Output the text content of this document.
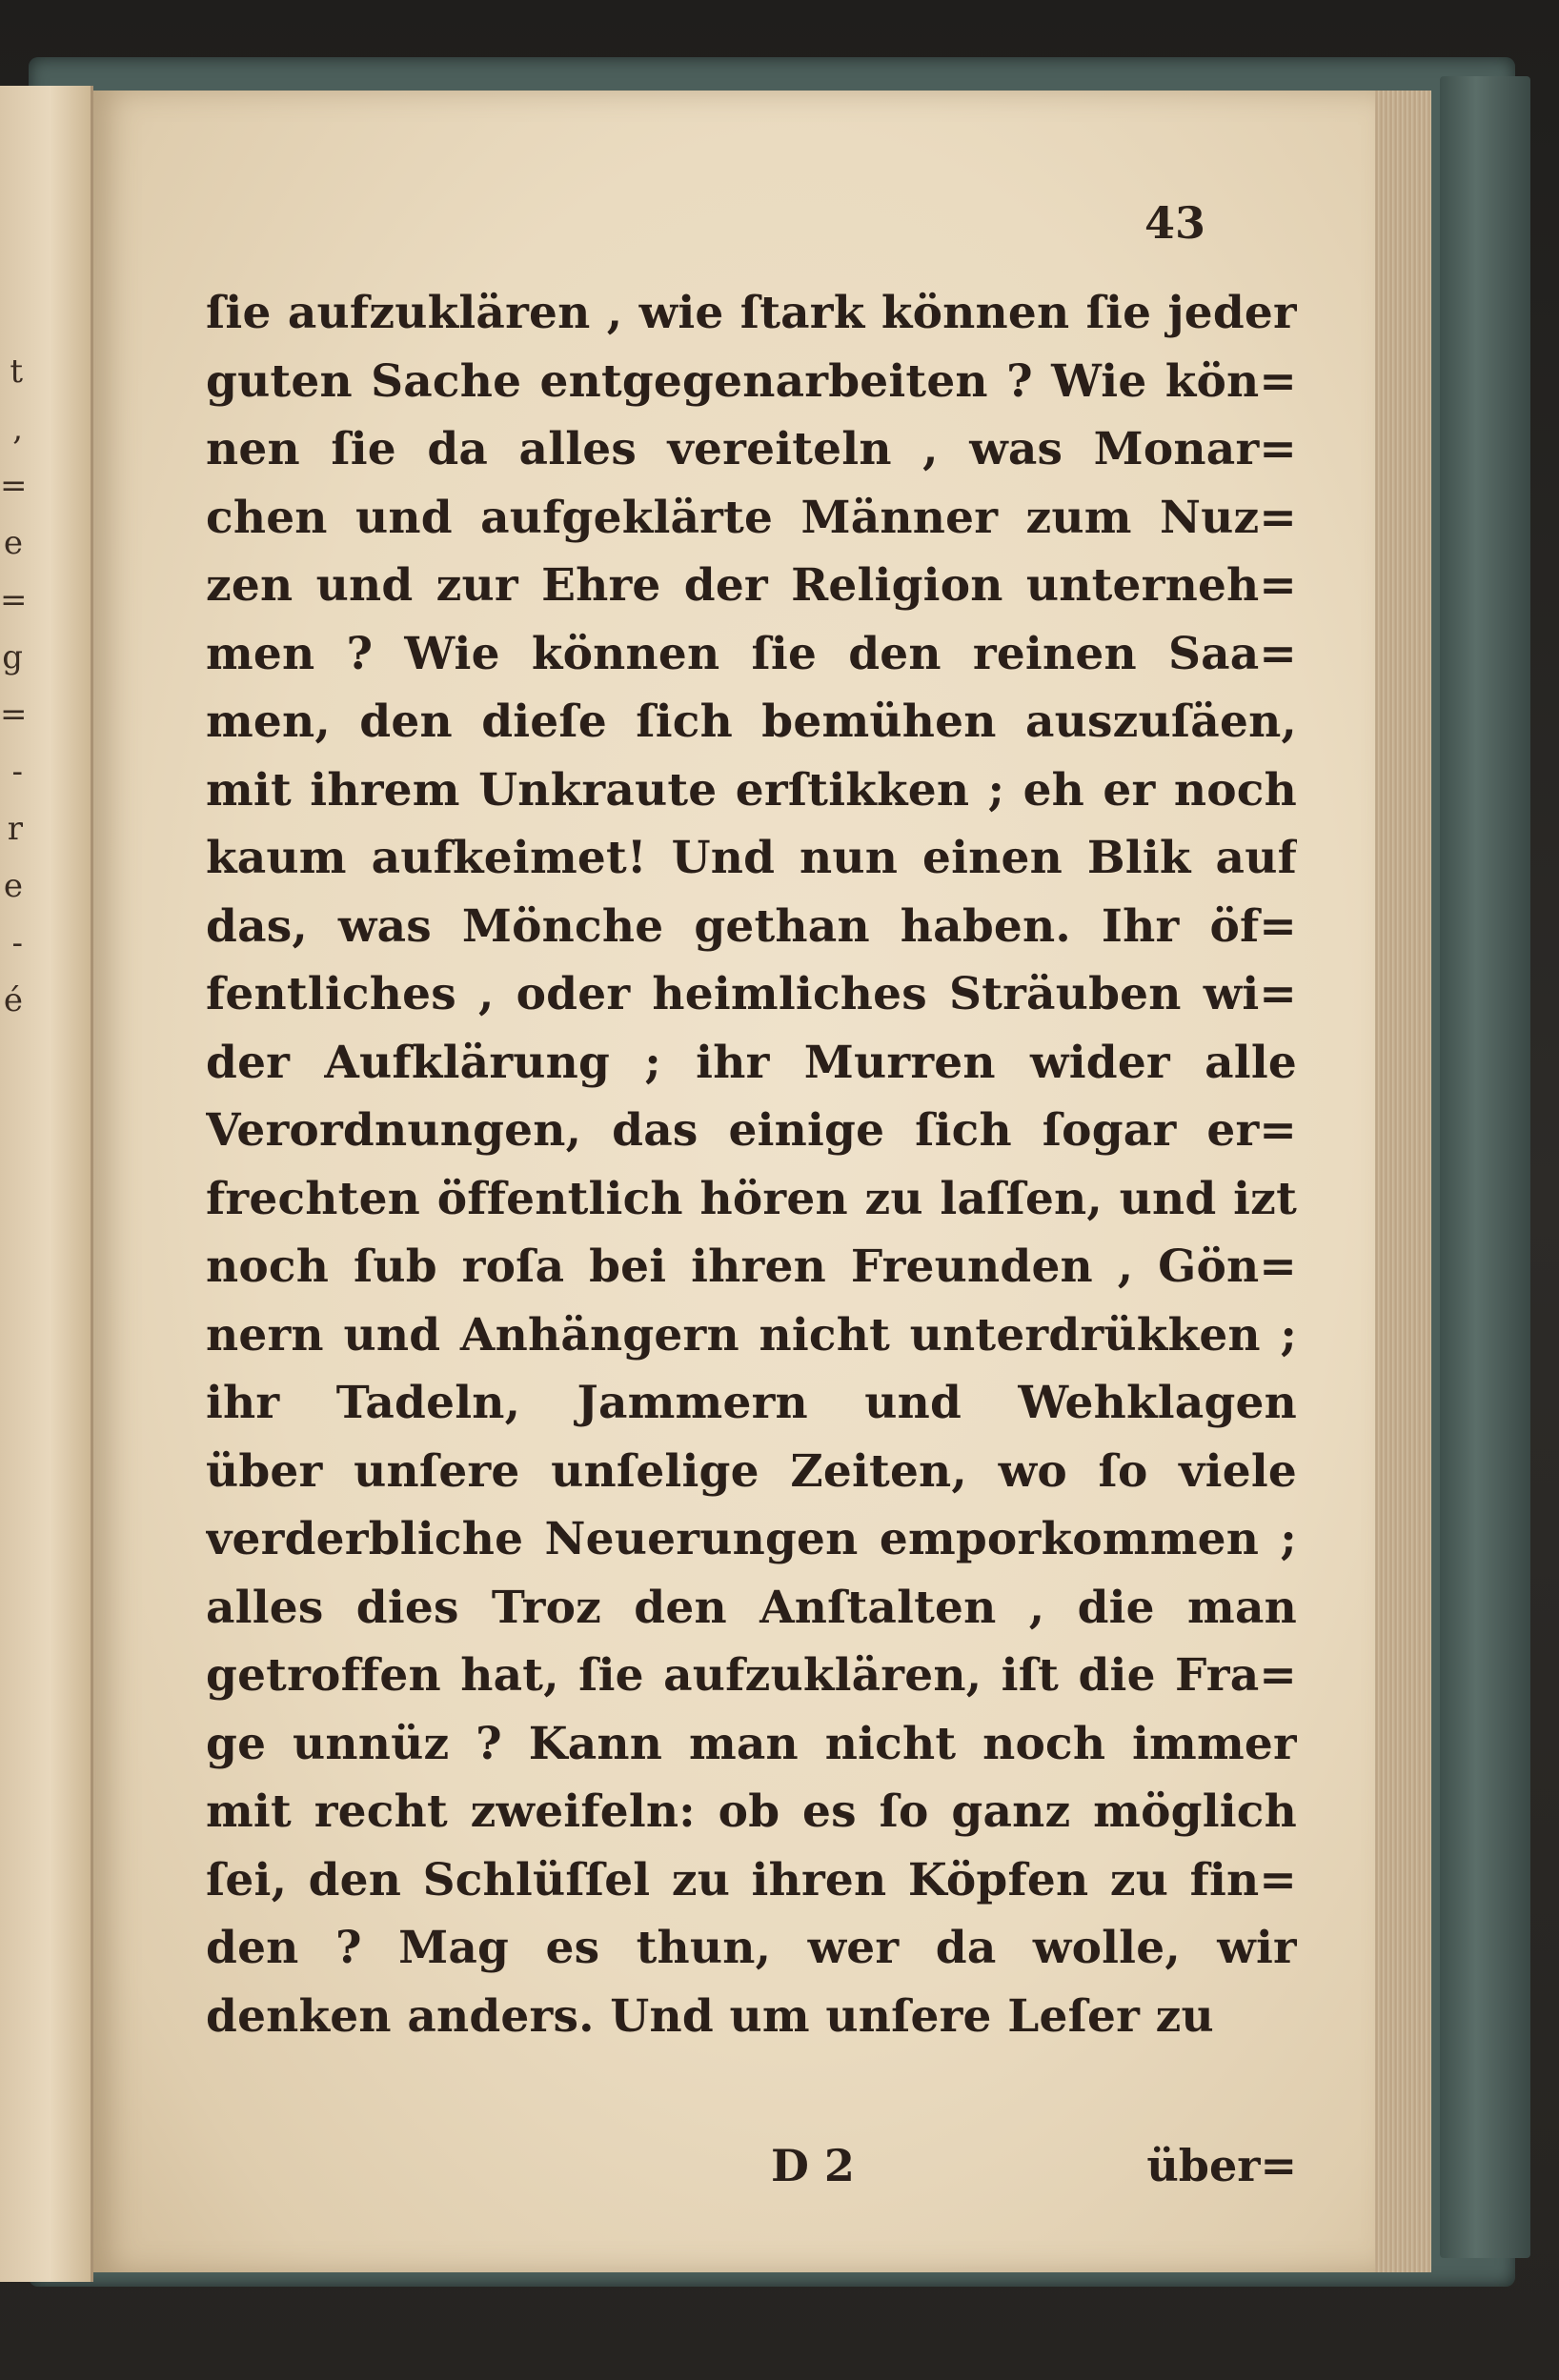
t
,
=
e
=
g
=
-
r
e
-
é

43

ſie aufzuklären , wie ſtark können ſie jeder
guten Sache entgegenarbeiten ? Wie kön=
nen ſie da alles vereiteln , was Monar=
chen und aufgeklärte Männer zum Nuz=
zen und zur Ehre der Religion unterneh=
men ? Wie können ſie den reinen Saa=
men, den dieſe ſich bemühen auszuſäen,
mit ihrem Unkraute erſtikken ; eh er noch
kaum aufkeimet! Und nun einen Blik auf
das, was Mönche gethan haben. Ihr öf=
fentliches , oder heimliches Sträuben wi=
der Aufklärung ; ihr Murren wider alle
Verordnungen, das einige ſich ſogar er=
frechten öffentlich hören zu laſſen, und izt
noch ſub roſa bei ihren Freunden , Gön=
nern und Anhängern nicht unterdrükken ;
ihr Tadeln, Jammern und Wehklagen
über unſere unſelige Zeiten, wo ſo viele
verderbliche Neuerungen emporkommen ;
alles dies Troz den Anſtalten , die man
getroffen hat, ſie aufzuklären, iſt die Fra=
ge unnüz ? Kann man nicht noch immer
mit recht zweifeln: ob es ſo ganz möglich
ſei, den Schlüſſel zu ihren Köpfen zu fin=
den ? Mag es thun, wer da wolle, wir
denken anders. Und um unſere Leſer zu
D 2	über=
